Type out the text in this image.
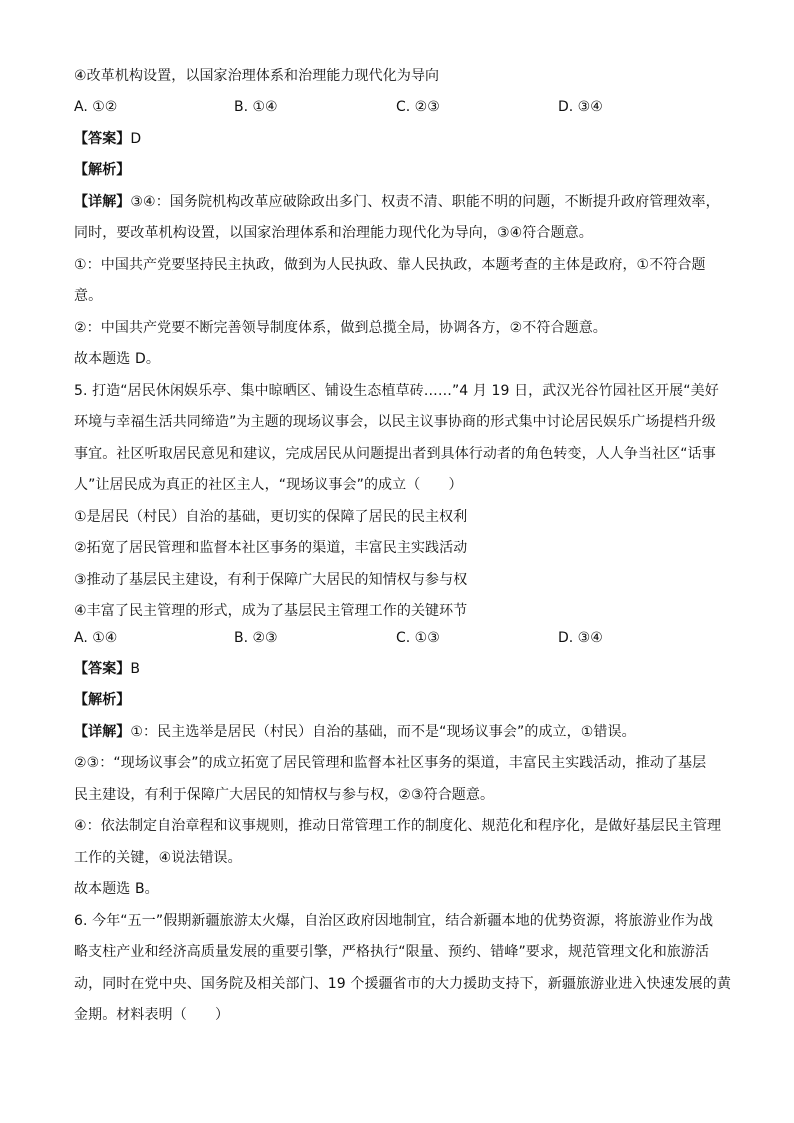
④改革机构设置，以国家治理体系和治理能力现代化为导向
A. ①②	B. ①④	C. ②③	D. ③④
【答案】D
【解析】
【详解】③④：国务院机构改革应破除政出多门、权责不清、职能不明的问题，不断提升政府管理效率，
同时，要改革机构设置，以国家治理体系和治理能力现代化为导向，③④符合题意。
①：中国共产党要坚持民主执政，做到为人民执政、靠人民执政，本题考查的主体是政府，①不符合题
意。
②：中国共产党要不断完善领导制度体系，做到总揽全局，协调各方，②不符合题意。
故本题选 D。
5. 打造“居民休闲娱乐亭、集中晾晒区、铺设生态植草砖……”4 月 19 日，武汉光谷竹园社区开展“美好
环境与幸福生活共同缔造”为主题的现场议事会，以民主议事协商的形式集中讨论居民娱乐广场提档升级
事宜。社区听取居民意见和建议，完成居民从问题提出者到具体行动者的角色转变，人人争当社区“话事
人”让居民成为真正的社区主人，“现场议事会”的成立（　　）
①是居民（村民）自治的基础，更切实的保障了居民的民主权利
②拓宽了居民管理和监督本社区事务的渠道，丰富民主实践活动
③推动了基层民主建设，有利于保障广大居民的知情权与参与权
④丰富了民主管理的形式，成为了基层民主管理工作的关键环节
A. ①④	B. ②③	C. ①③	D. ③④
【答案】B
【解析】
【详解】①：民主选举是居民（村民）自治的基础，而不是“现场议事会”的成立，①错误。
②③：“现场议事会”的成立拓宽了居民管理和监督本社区事务的渠道，丰富民主实践活动，推动了基层
民主建设，有利于保障广大居民的知情权与参与权，②③符合题意。
④：依法制定自治章程和议事规则，推动日常管理工作的制度化、规范化和程序化，是做好基层民主管理
工作的关键，④说法错误。
故本题选 B。
6. 今年“五一”假期新疆旅游太火爆，自治区政府因地制宜，结合新疆本地的优势资源，将旅游业作为战
略支柱产业和经济高质量发展的重要引擎，严格执行“限量、预约、错峰”要求，规范管理文化和旅游活
动，同时在党中央、国务院及相关部门、19 个援疆省市的大力援助支持下，新疆旅游业进入快速发展的黄
金期。材料表明（　　）
